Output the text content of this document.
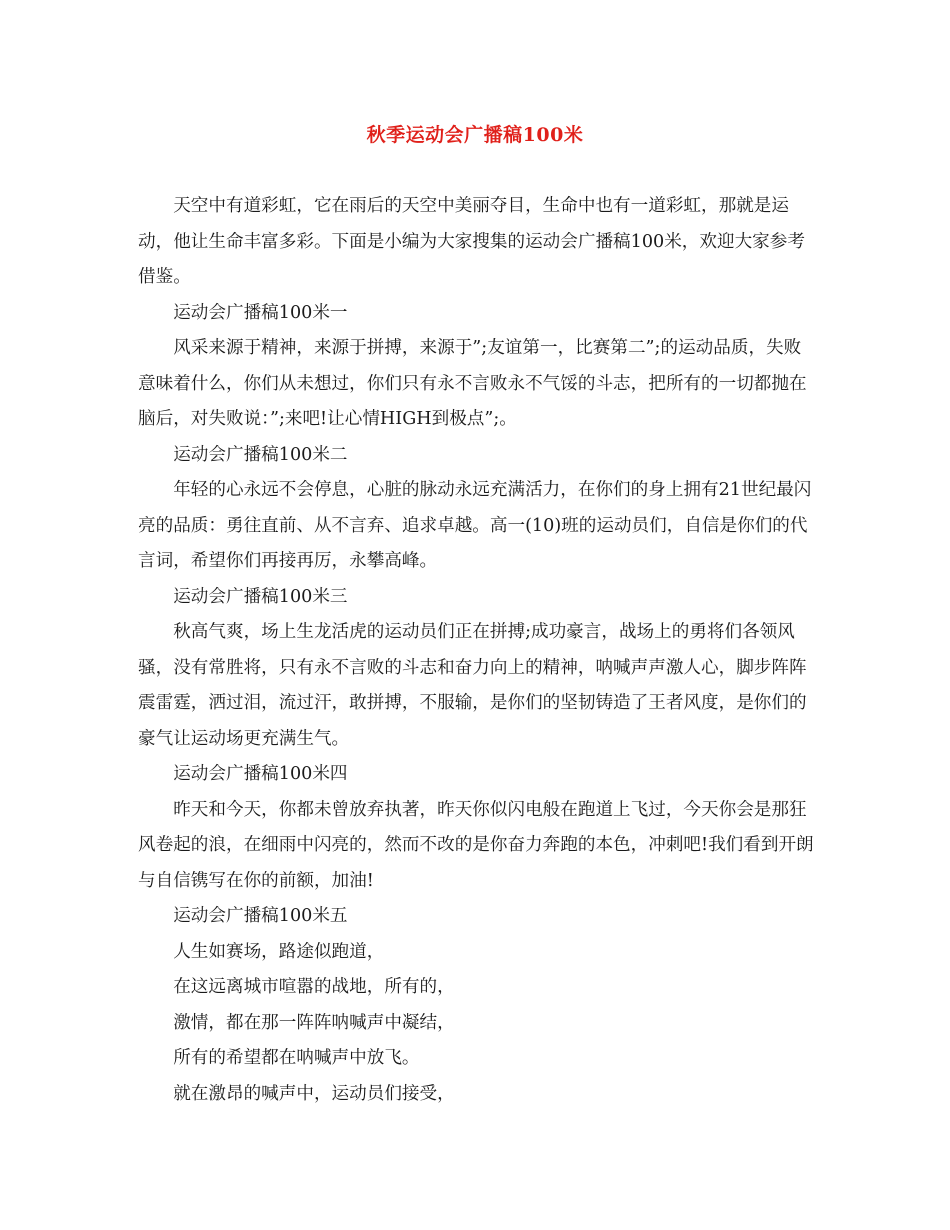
秋季运动会广播稿100米

天空中有道彩虹，它在雨后的天空中美丽夺目，生命中也有一道彩虹，那就是运动，他让生命丰富多彩。下面是小编为大家搜集的运动会广播稿100米，欢迎大家参考借鉴。

运动会广播稿100米一

风采来源于精神，来源于拼搏，来源于”;友谊第一，比赛第二”;的运动品质，失败意味着什么，你们从未想过，你们只有永不言败永不气馁的斗志，把所有的一切都抛在脑后，对失败说：”;来吧!让心情HIGH到极点”;。

运动会广播稿100米二

年轻的心永远不会停息，心脏的脉动永远充满活力，在你们的身上拥有21世纪最闪亮的品质：勇往直前、从不言弃、追求卓越。高一(10)班的运动员们，自信是你们的代言词，希望你们再接再厉，永攀高峰。

运动会广播稿100米三

秋高气爽，场上生龙活虎的运动员们正在拼搏;成功豪言，战场上的勇将们各领风骚，没有常胜将，只有永不言败的斗志和奋力向上的精神，呐喊声声激人心，脚步阵阵震雷霆，洒过泪，流过汗，敢拼搏，不服输，是你们的坚韧铸造了王者风度，是你们的豪气让运动场更充满生气。

运动会广播稿100米四

昨天和今天，你都未曾放弃执著，昨天你似闪电般在跑道上飞过，今天你会是那狂风卷起的浪，在细雨中闪亮的，然而不改的是你奋力奔跑的本色，冲刺吧!我们看到开朗与自信镌写在你的前额，加油!

运动会广播稿100米五

人生如赛场，路途似跑道，

在这远离城市喧嚣的战地，所有的，

激情，都在那一阵阵呐喊声中凝结，

所有的希望都在呐喊声中放飞。

就在激昂的喊声中，运动员们接受，
